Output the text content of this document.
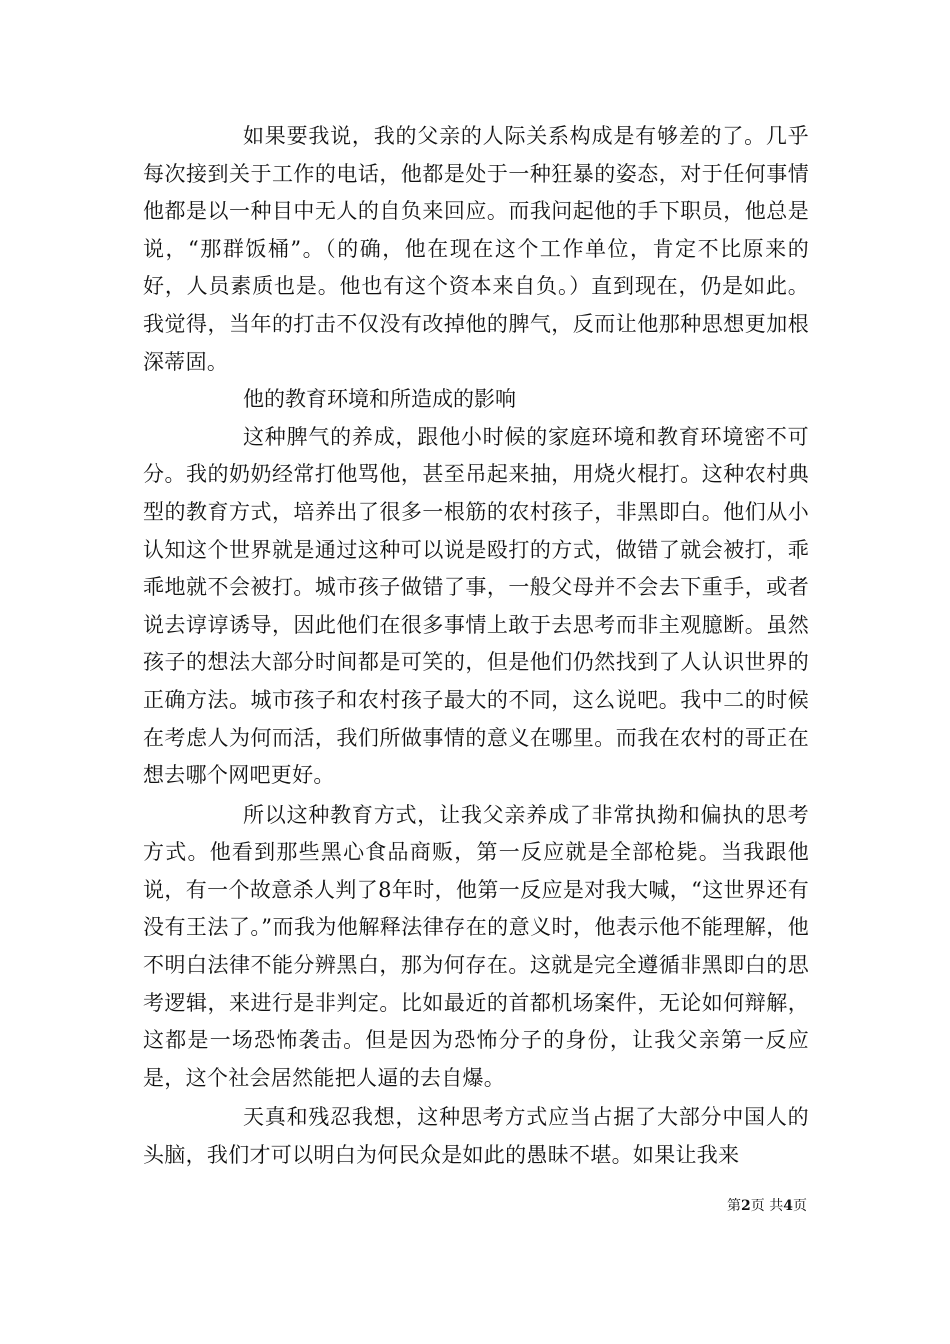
如果要我说，我的父亲的人际关系构成是有够差的了。几乎每次接到关于工作的电话，他都是处于一种狂暴的姿态，对于任何事情他都是以一种目中无人的自负来回应。而我问起他的手下职员，他总是说，“那群饭桶”。（的确，他在现在这个工作单位，肯定不比原来的好，人员素质也是。他也有这个资本来自负。）直到现在，仍是如此。我觉得，当年的打击不仅没有改掉他的脾气，反而让他那种思想更加根深蒂固。

他的教育环境和所造成的影响

这种脾气的养成，跟他小时候的家庭环境和教育环境密不可分。我的奶奶经常打他骂他，甚至吊起来抽，用烧火棍打。这种农村典型的教育方式，培养出了很多一根筋的农村孩子，非黑即白。他们从小认知这个世界就是通过这种可以说是殴打的方式，做错了就会被打，乖乖地就不会被打。城市孩子做错了事，一般父母并不会去下重手，或者说去谆谆诱导，因此他们在很多事情上敢于去思考而非主观臆断。虽然孩子的想法大部分时间都是可笑的，但是他们仍然找到了人认识世界的正确方法。城市孩子和农村孩子最大的不同，这么说吧。我中二的时候在考虑人为何而活，我们所做事情的意义在哪里。而我在农村的哥正在想去哪个网吧更好。

所以这种教育方式，让我父亲养成了非常执拗和偏执的思考方式。他看到那些黑心食品商贩，第一反应就是全部枪毙。当我跟他说，有一个故意杀人判了8年时，他第一反应是对我大喊，“这世界还有没有王法了。”而我为他解释法律存在的意义时，他表示他不能理解，他不明白法律不能分辨黑白，那为何存在。这就是完全遵循非黑即白的思考逻辑，来进行是非判定。比如最近的首都机场案件，无论如何辩解，这都是一场恐怖袭击。但是因为恐怖分子的身份，让我父亲第一反应是，这个社会居然能把人逼的去自爆。

天真和残忍我想，这种思考方式应当占据了大部分中国人的头脑，我们才可以明白为何民众是如此的愚昧不堪。如果让我来

第2页 共4页
